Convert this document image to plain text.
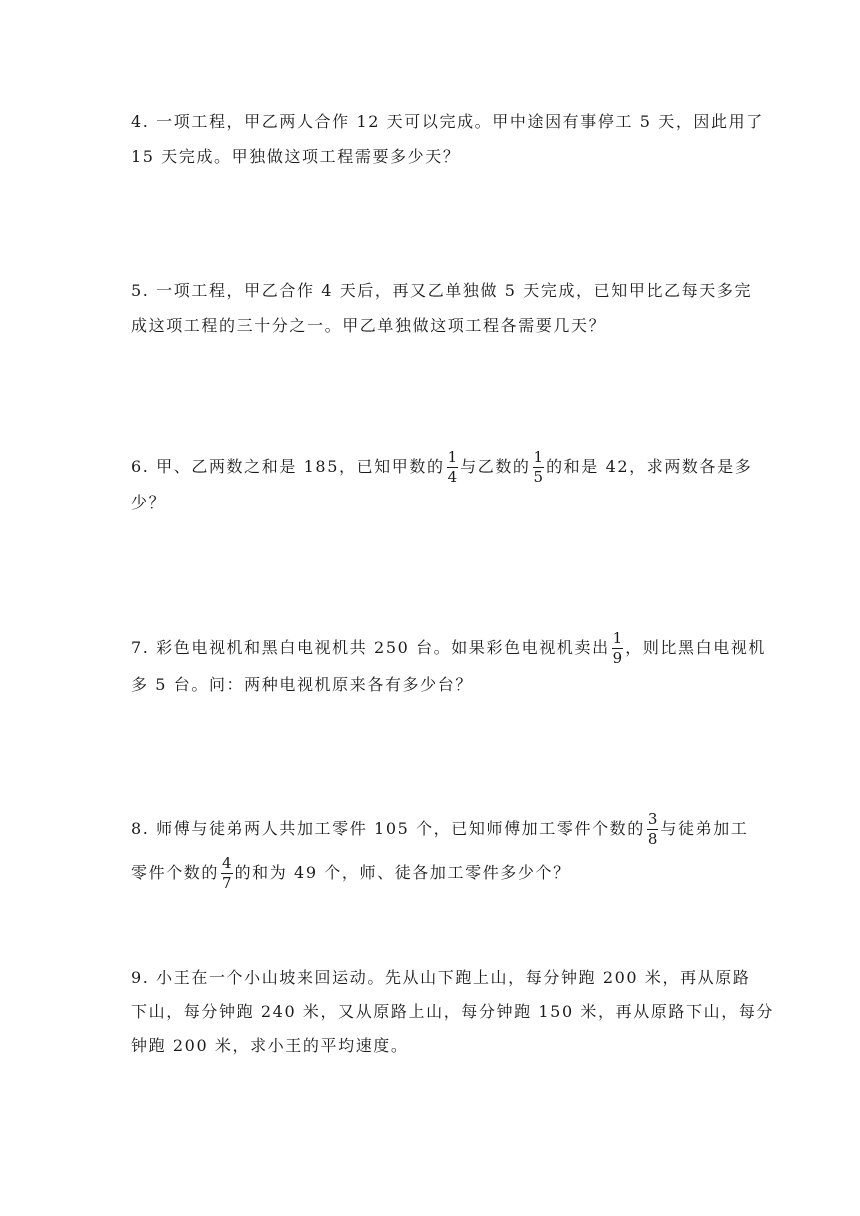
4. 一项工程，甲乙两人合作 12 天可以完成。甲中途因有事停工 5 天，因此用了
15 天完成。甲独做这项工程需要多少天？
5. 一项工程，甲乙合作 4 天后，再又乙单独做 5 天完成，已知甲比乙每天多完
成这项工程的三十分之一。甲乙单独做这项工程各需要几天？
6. 甲、乙两数之和是 185，已知甲数的 $\frac{1}{4}$ 与乙数的 $\frac{1}{5}$ 的和是 42，求两数各是多
少？
7. 彩色电视机和黑白电视机共 250 台。如果彩色电视机卖出 $\frac{1}{9}$ ，则比黑白电视机
多 5 台。问：两种电视机原来各有多少台？
8. 师傅与徒弟两人共加工零件 105 个，已知师傅加工零件个数的 $\frac{3}{8}$ 与徒弟加工
零件个数的 $\frac{4}{7}$ 的和为 49 个，师、徒各加工零件多少个？
9. 小王在一个小山坡来回运动。先从山下跑上山，每分钟跑 200 米，再从原路
下山，每分钟跑 240 米，又从原路上山，每分钟跑 150 米，再从原路下山，每分
钟跑 200 米，求小王的平均速度。
